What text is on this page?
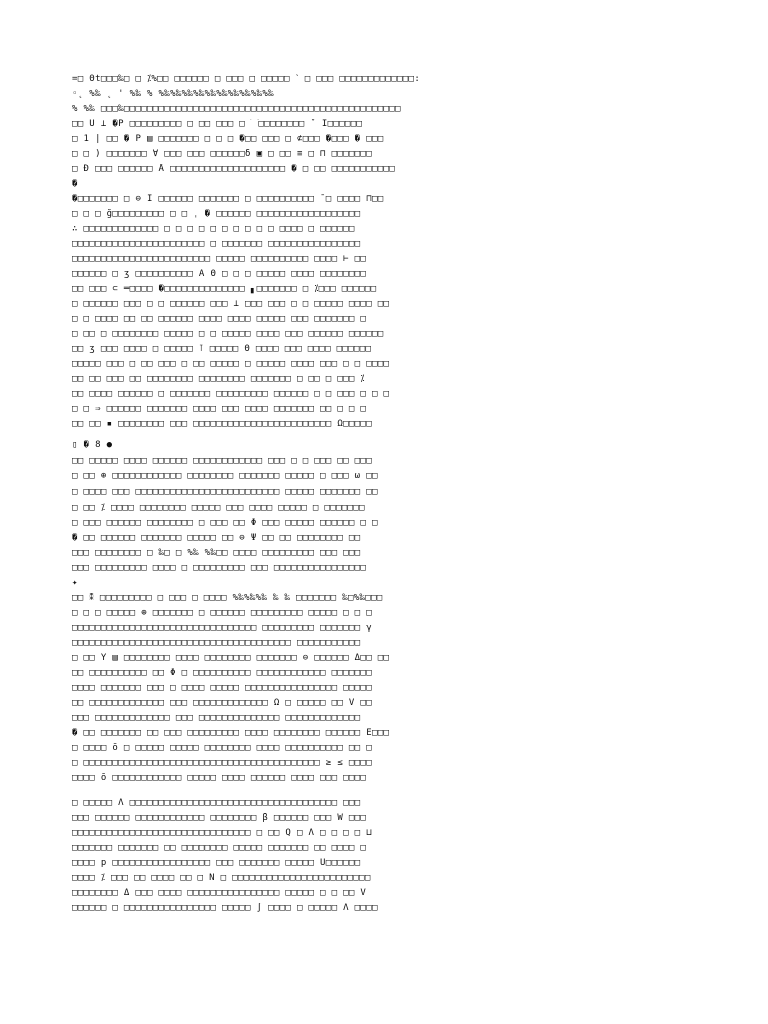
=□ Θt□□□‰□ □ ⁒%□□ □□□□□□ □ □□□ □ □□□□□ ˋ □ □□□ □□□□□□□□□□□□□:
◦˛ %‰ ˛ ' %‰ % %‰%‰%‰%‰%‰%‰%‰%‰%‰%‰
% %‰ □□□‰□□□□□□□□□□□□□□□□□□□□□□□□□□□□□□□□□□□□□□□□□□□□□□□□
□□ Û ⊥ �P □□□□□□□□□ □ □□ □□□ □ ⁀□□□□□□□□ ˇ Ι□□□□□□
□ 1 ∣ □□ � P ▤ □□□□□□□ □ □ □ �□□ □□□ □ ⊄□□□ �□□□ � □□□
□ □ ) □□□□□□□ ∀ □□□ □□□ □□□□□□δ ▣ □ □□ ≡ □ ⊓ □□□□□□□
□ Ð □□□ □□□□□□ Å □□□□□□□□□□□□□□□□□□□□ � □ □□ □□□□□□□□□□□
�
�□□□□□□□ □ ⊖ Ι □□□□□□ □□□□□□□ □ □□□□□□□□□□ ¯□ □□□□ ⊓□□
□ □ □ ğ□□□□□□□□□ □ □ ˌ � □□□□□□ □□□□□□□□□□□□□□□□□□
∴ □□□□□□□□□□□□□ □ □ □ □ □ □ □ □ □ □ □□□□ □ □□□□□□
□□□□□□□□□□□□□□□□□□□□□□□ □ □□□□□□□ □□□□□□□□□□□□□□□□
□□□□□□□□□□□□□□□□□□□□□□□□ □□□□□ □□□□□□□□□□ □□□□ ⊢ □□
□□□□□□ □ ʒ □□□□□□□□□□ Ä Θ □ □ □ □□□□□ □□□□ □□□□□□□□
□□ □□□ ⊂ ═□□□□ �□□□□□□□□□□□□□□ ▖□□□□□□□ □ ⁒□□□ □□□□□□
□ □□□□□□ □□□ □ □ □□□□□□ □□□ ⊥ □□□ □□□ □ □ □□□□□ □□□□ □□
□ □ □□□□ □□ □□ □□□□□□ □□□□ □□□□ □□□□□ □□□ □□□□□□□ □
□ □□ □ □□□□□□□□ □□□□□ □ □ □□□□□ □□□□ □□□ □□□□□□ □□□□□□
□□ ʒ □□□ □□□□ □ □□□□□ ⊺ □□□□□ Θ □□□□ □□□ □□□□ □□□□□□
□□□□□ □□□ □ □□ □□□ □ □□ □□□□□ □ □□□□□ □□□□ □□□ □ □ □□□□
□□ □□ □□□ □□ □□□□□□□□ □□□□□□□□ □□□□□□□ □ □□ □ □□□ ⁒
□□ □□□□ □□□□□□ □ □□□□□□□ □□□□□□□□□ □□□□□□ □ □ □□□ □ □ □
□ □ ⇒ □□□□□□ □□□□□□□ □□□□ □□□ □□□□ □□□□□□□ □□ □ □ □
□□ □□ ▪ □□□□□□□□ □□□ □□□□□□□□□□□□□□□□□□□□□□□□ Ω□□□□□
▯ � 8 ●
□□ □□□□□ □□□□ □□□□□□ □□□□□□□□□□□□ □□□ □ □ □□□ □□ □□□
□ □□ ⊕ □□□□□□□□□□□□ □□□□□□□□ □□□□□□□ □□□□□ □ □□□ ω □□
□ □□□□ □□□ □□□□□□□□□□□□□□□□□□□□□□□□□ □□□□□ □□□□□□□ □□
□ □□ ⁒ □□□□ □□□□□□□□ □□□□□ □□□ □□□□ □□□□□ □ □□□□□□□
□ □□□ □□□□□□ □□□□□□□□ □ □□□ □□ Φ □□□ □□□□□ □□□□□□ □ □
� □□ □□□□□□ □□□□□□□ □□□□□ □□ ⊖ Ψ □□ □□ □□□□□□□□ □□
□□□ □□□□□□□□ □ ‰□ □ %‰ %‰□□ □□□□ □□□□□□□□□ □□□ □□□
□□□ □□□□□□□□□ □□□□ □ □□□□□□□□□ □□□ □□□□□□□□□□□□□□□□
✦
□□ ⁑ □□□□□□□□□ □ □□□ □ □□□□ %‰%‰%‰ ‰ ‰ □□□□□□□ ‰□%‰□□□
□ □ □ □□□□□ ⊕ □□□□□□□ □ □□□□□□ □□□□□□□□□ □□□□□ □ □ □
□□□□□□□□□□□□□□□□□□□□□□□□□□□□□□□□ □□□□□□□□□ □□□□□□□ γ
□□□□□□□□□□□□□□□□□□□□□□□□□□□□□□□□□□□□□□ □□□□□□□□□□□
□ □□ Y ▤ □□□□□□□□ □□□□ □□□□□□□□ □□□□□□□ ⊖ □□□□□□ Δ□□ □□
□□ □□□□□□□□□□ □□ Φ □ □□□□□□□□□□ □□□□□□□□□□□□ □□□□□□□
□□□□ □□□□□□□ □□□ □ □□□□ □□□□□ □□□□□□□□□□□□□□□□ □□□□□
□□ □□□□□□□□□□□□□ □□□ □□□□□□□□□□□□□ Ω □ □□□□□ □□ V □□
□□□ □□□□□□□□□□□□□ □□□ □□□□□□□□□□□□□□ □□□□□□□□□□□□□
� □□ □□□□□□□ □□ □□□ □□□□□□□□□ □□□□ □□□□□□□□ □□□□□□ É□□□
□ □□□□ ō □ □□□□□ □□□□□ □□□□□□□□ □□□□ □□□□□□□□□□ □□ □
□ □□□□□□□□□□□□□□□□□□□□□□□□□□□□□□□□□□□□□□□□□ ≥ ≤ □□□□
□□□□ ō □□□□□□□□□□□□ □□□□□ □□□□ □□□□□□ □□□□ □□□ □□□□
□ □□□□□ Λ □□□□□□□□□□□□□□□□□□□□□□□□□□□□□□□□□□□□ □□□
□□□ □□□□□□ □□□□□□□□□□□□ □□□□□□□□ β □□□□□□ □□□ W □□□
□□□□□□□□□□□□□□□□□□□□□□□□□□□□□□□ □ □□ Q □ Λ □ □ □ □ ⊔
□□□□□□□ □□□□□□□ □□ □□□□□□□□ □□□□□ □□□□□□□ □□ □□□□ □
□□□□ p □□□□□□□□□□□□□□□□□ □□□ □□□□□□□ □□□□□ Ü□□□□□□
□□□□ ⁒ □□□ □□ □□□□ □□ □ N □ □□□□□□□□□□□□□□□□□□□□□□□□
□□□□□□□□ Δ □□□ □□□□ □□□□□□□□□□□□□□□□ □□□□□ □ □ □□ V
□□□□□□ □ □□□□□□□□□□□□□□□□ □□□□□ ∫ □□□□ □ □□□□□ Λ □□□□
